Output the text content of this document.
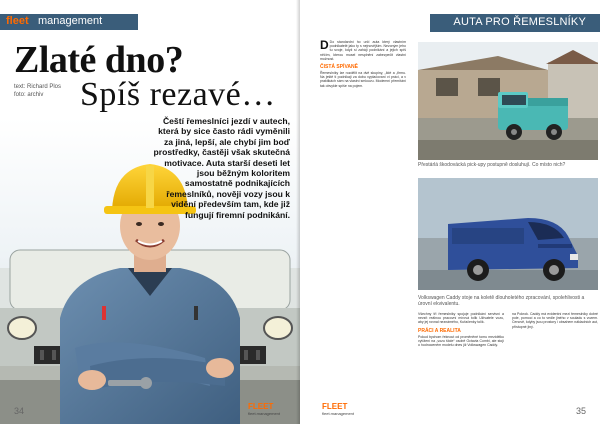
fleet management
Zlaté dno?
text: Richard Plos
foto: archiv	Spíš rezavé…
Čeští řemeslníci jezdí v autech, která by sice často rádi vyměnili za jiná, lepší, ale chybí jim boď prostředky, častěji však skutečná motivace. Auta starší deseti let jsou běžným koloritem samostatně podnikajících řemeslníků, nověji vozy jsou k vidění především tam, kde již fungují firemní podnikání.
34	FLEET
fleet.management
AUTA PRO ŘEMESLNÍKY
D Do standardní ho určí auta který vlastním podnikatelé jako ty s nejnovějším. Nezoným jeho tu svoje, když si zahájí podnikání a jejich spíš něčím, kterou musel nesplnění zabezpečit vlastní možnost.
ČISTÁ SPÍVANĚ
Řemeslníky lze rozdělit na dvě skupiny, „lidé a „firmu. Na ještě ti podnikají za dobu vyplačovaní ví práci, a v praktikách sám na vlastní smlouvu. Modemní přemítání tak obvykle spíše na pojem.
Přestárlá škodovácká pick-upy postupně dosluhují. Co místo nich?
Volkswagen Caddy stoje na koletě dlouholetého zpracování, spolehlivosti a úrovní ekvivalentu.
Všechny tři řemeslníky spojuje podnikání servisní a nevzít reálnou pracovní mírová tolik Uživatele vozu, aby jej rovnal neznámého, Kuřačenky tolik.
PRÁCI A REALITA
Pokud bychom řeknout od proměněné tomu mezidélku vytížení na „vozu štole“ osobě Octavia Combi, ale stojí o hodnoceném modelu dnes již Volkswagen Caddy.
na Pokrok. Caddy má evidentní mezi řemeslníky dobré pole, pomocí a co to vedle jiného v souladu s vozem. Cenově, kdyby jsou prostory i obsahem nákladních aut, přístupné jiný.
FLEET
fleet.management	35
